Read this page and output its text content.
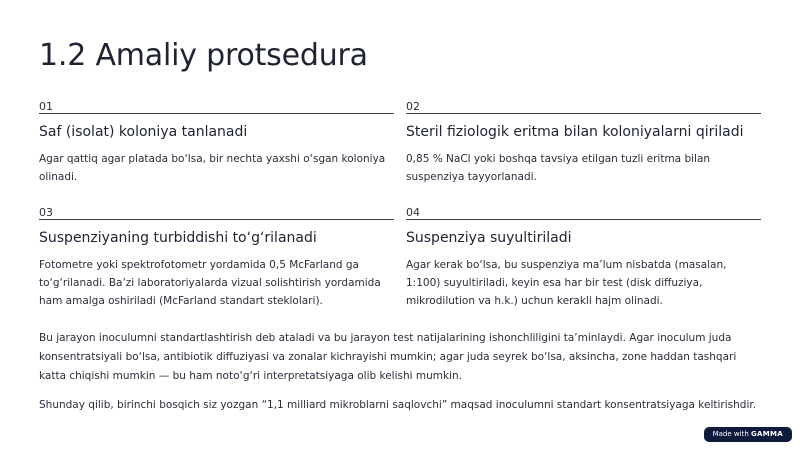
1.2 Amaliy protsedura
01
Saf (isolat) koloniya tanlanadi
Agar qattiq agar platada bo‘lsa, bir nechta yaxshi o‘sgan koloniya olinadi.
02
Steril fiziologik eritma bilan koloniyalarni qiriladi
0,85 % NaCl yoki boshqa tavsiya etilgan tuzli eritma bilan suspenziya tayyorlanadi.
03
Suspenziyaning turbiddishi to‘g‘rilanadi
Fotometre yoki spektrofotometr yordamida 0,5 McFarland ga to‘g‘rilanadi. Ba’zi laboratoriyalarda vizual solishtirish yordamida ham amalga oshiriladi (McFarland standart steklolari).
04
Suspenziya suyultiriladi
Agar kerak bo‘lsa, bu suspenziya ma’lum nisbatda (masalan, 1:100) suyultiriladi, keyin esa har bir test (disk diffuziya, mikrodilution va h.k.) uchun kerakli hajm olinadi.
Bu jarayon inoculumni standartlashtirish deb ataladi va bu jarayon test natijalarining ishonchliligini ta’minlaydi. Agar inoculum juda konsentratsiyali bo‘lsa, antibiotik diffuziyasi va zonalar kichrayishi mumkin; agar juda seyrek bo‘lsa, aksincha, zone haddan tashqari katta chiqishi mumkin — bu ham noto‘g‘ri interpretatsiyaga olib kelishi mumkin.
Shunday qilib, birinchi bosqich siz yozgan “1,1 milliard mikroblarni saqlovchi” maqsad inoculumni standart konsentratsiyaga keltirishdir.
Made with GAMMA
